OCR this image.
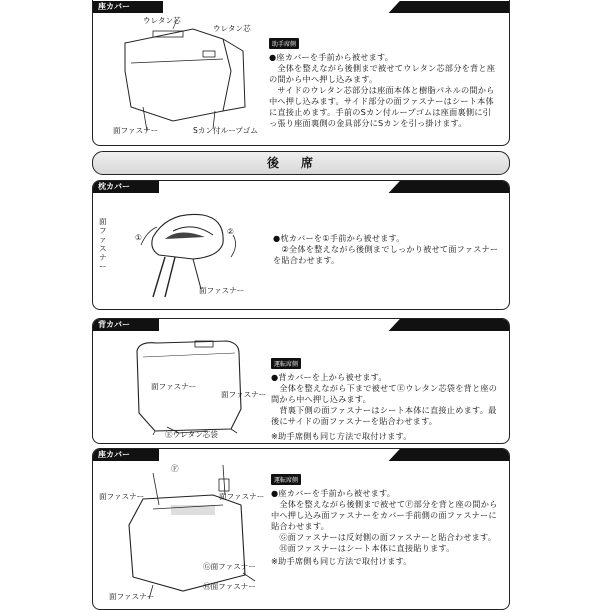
座カバー
ウレタン芯
ウレタン芯
面ファスナー	Sカン付ループゴム
助手席側
●座カバーを手前から被せます。
　全体を整えながら後側まで被せてウレタン芯部分を背と座の間から中へ押し込みます。
　サイドのウレタン芯部分は座面本体と樹脂パネルの間から中へ押し込みます。サイド部分の面ファスナーはシート本体に直接止めます。手前のSカン付ループゴムは座面裏側に引っ張り座面裏側の金具部分にSカンを引っ掛けます。
後席
枕カバー
面ファスナー
①
②
面ファスナー
●枕カバーを①手前から被せます。
　②全体を整えながら後側までしっかり被せて面ファスナーを貼合わせます。
背カバー
面ファスナー
面ファスナー
Ⓔウレタン芯袋
運転席側
●背カバーを上から被せます。
　全体を整えながら下まで被せてⒺウレタン芯袋を背と座の間から中へ押し込みます。
　背裏下側の面ファスナーはシート本体に直接止めます。最後にサイドの面ファスナーを貼合わせます。
※助手席側も同じ方法で取付けます。
座カバー
Ⓕ
面ファスナー	面ファスナー
Ⓖ面ファスナー
Ⓗ面ファスナー
面ファスナー
運転席側
●座カバーを手前から被せます。
　全体を整えながら後側まで被せてⒻ部分を背と座の間から中へ押し込み面ファスナーをカバー手前側の面ファスナーに貼合わせます。
　Ⓖ面ファスナーは反対側の面ファスナーと貼合わせます。
　Ⓗ面ファスナーはシート本体に直接貼ります。
※助手席側も同じ方法で取付けます。
